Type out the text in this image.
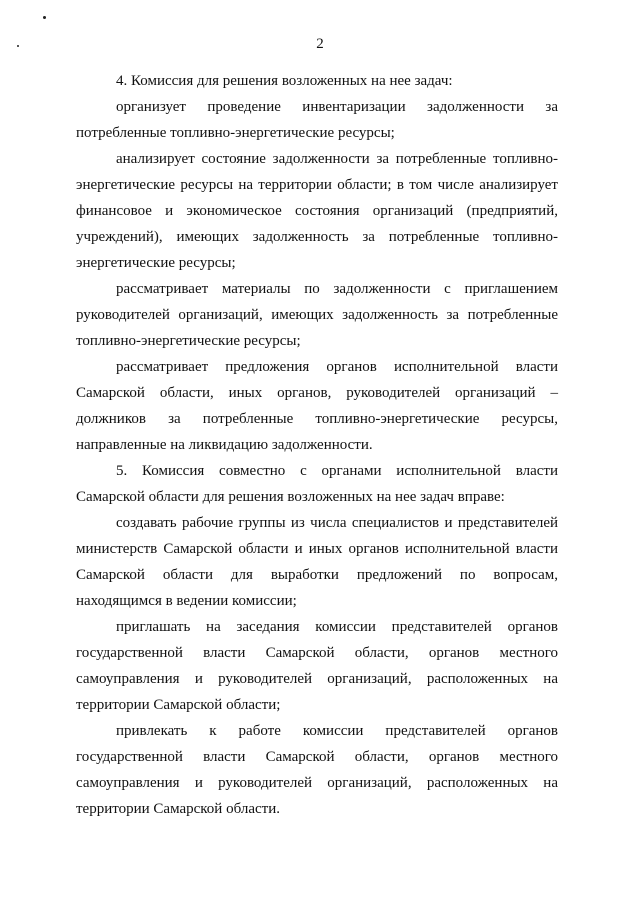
2

4. Комиссия для решения возложенных на нее задач:

организует проведение инвентаризации задолженности за потребленные топливно-энергетические ресурсы;

анализирует состояние задолженности за потребленные топливно-энергетические ресурсы на территории области; в том числе анализирует финансовое и экономическое состояния организаций (предприятий, учреждений), имеющих задолженность за потребленные топливно-энергетические ресурсы;

рассматривает материалы по задолженности с приглашением руководителей организаций, имеющих задолженность за потребленные топливно-энергетические ресурсы;

рассматривает предложения органов исполнительной власти Самарской области, иных органов, руководителей организаций – должников за потребленные топливно-энергетические ресурсы, направленные на ликвидацию задолженности.

5. Комиссия совместно с органами исполнительной власти Самарской области для решения возложенных на нее задач вправе:

создавать рабочие группы из числа специалистов и представителей министерств Самарской области и иных органов исполнительной власти Самарской области для выработки предложений по вопросам, находящимся в ведении комиссии;

приглашать на заседания комиссии представителей органов государственной власти Самарской области, органов местного самоуправления и руководителей организаций, расположенных на территории Самарской области;

привлекать к работе комиссии представителей органов государственной власти Самарской области, органов местного самоуправления и руководителей организаций, расположенных на территории Самарской области.
